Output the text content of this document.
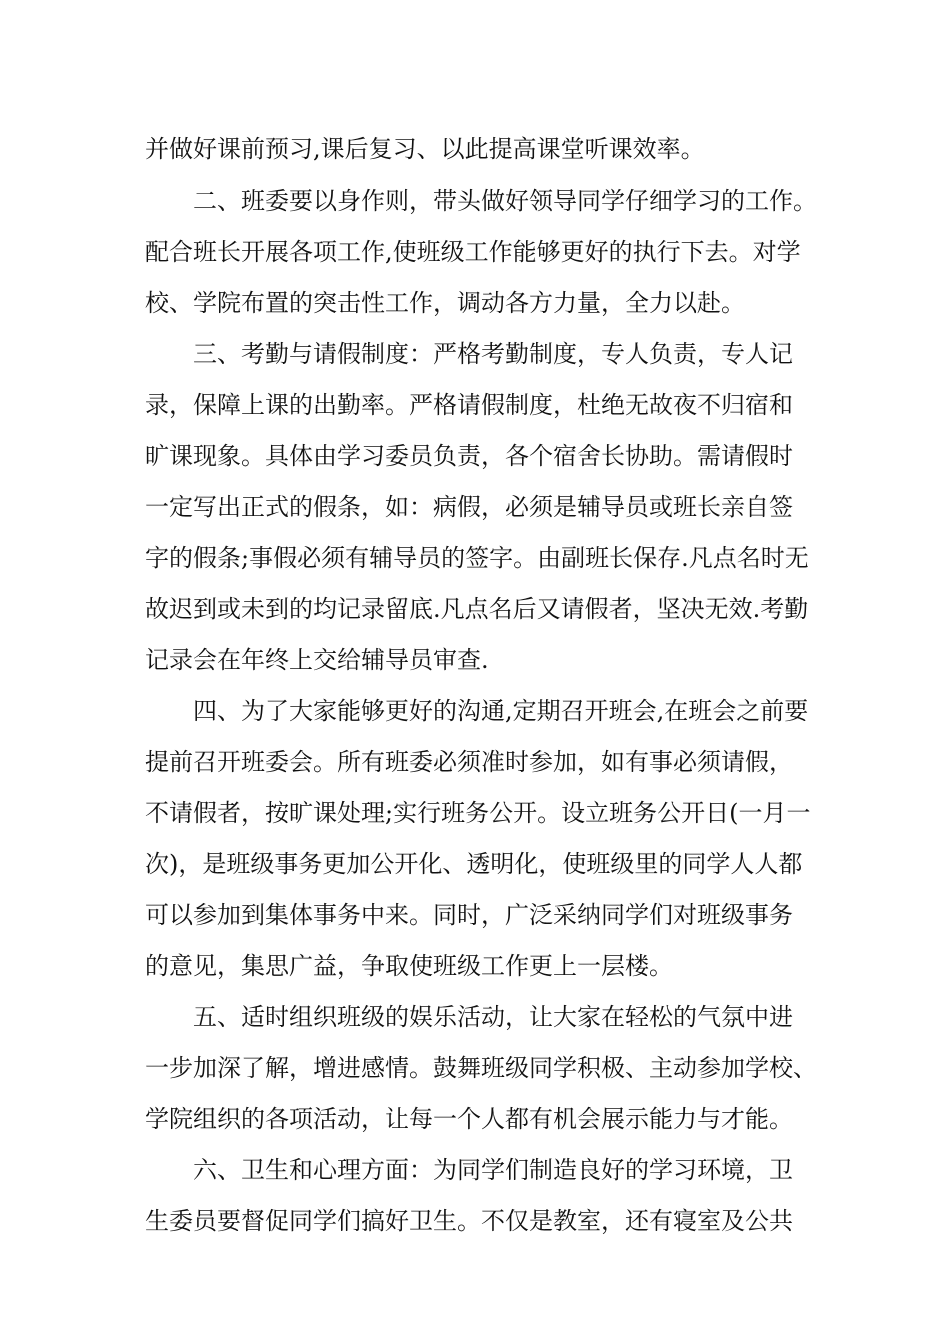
并做好课前预习,课后复习、以此提高课堂听课效率。
二、班委要以身作则，带头做好领导同学仔细学习的工作。
配合班长开展各项工作,使班级工作能够更好的执行下去。对学
校、学院布置的突击性工作，调动各方力量，全力以赴。
三、考勤与请假制度：严格考勤制度，专人负责，专人记
录，保障上课的出勤率。严格请假制度，杜绝无故夜不归宿和
旷课现象。具体由学习委员负责，各个宿舍长协助。需请假时
一定写出正式的假条，如：病假，必须是辅导员或班长亲自签
字的假条;事假必须有辅导员的签字。由副班长保存.凡点名时无
故迟到或未到的均记录留底.凡点名后又请假者，坚决无效.考勤
记录会在年终上交给辅导员审查.
四、为了大家能够更好的沟通,定期召开班会,在班会之前要
提前召开班委会。所有班委必须准时参加，如有事必须请假，
不请假者，按旷课处理;实行班务公开。设立班务公开日(一月一
次)，是班级事务更加公开化、透明化，使班级里的同学人人都
可以参加到集体事务中来。同时，广泛采纳同学们对班级事务
的意见，集思广益，争取使班级工作更上一层楼。
五、适时组织班级的娱乐活动，让大家在轻松的气氛中进
一步加深了解，增进感情。鼓舞班级同学积极、主动参加学校、
学院组织的各项活动，让每一个人都有机会展示能力与才能。
六、卫生和心理方面：为同学们制造良好的学习环境，卫
生委员要督促同学们搞好卫生。不仅是教室，还有寝室及公共
